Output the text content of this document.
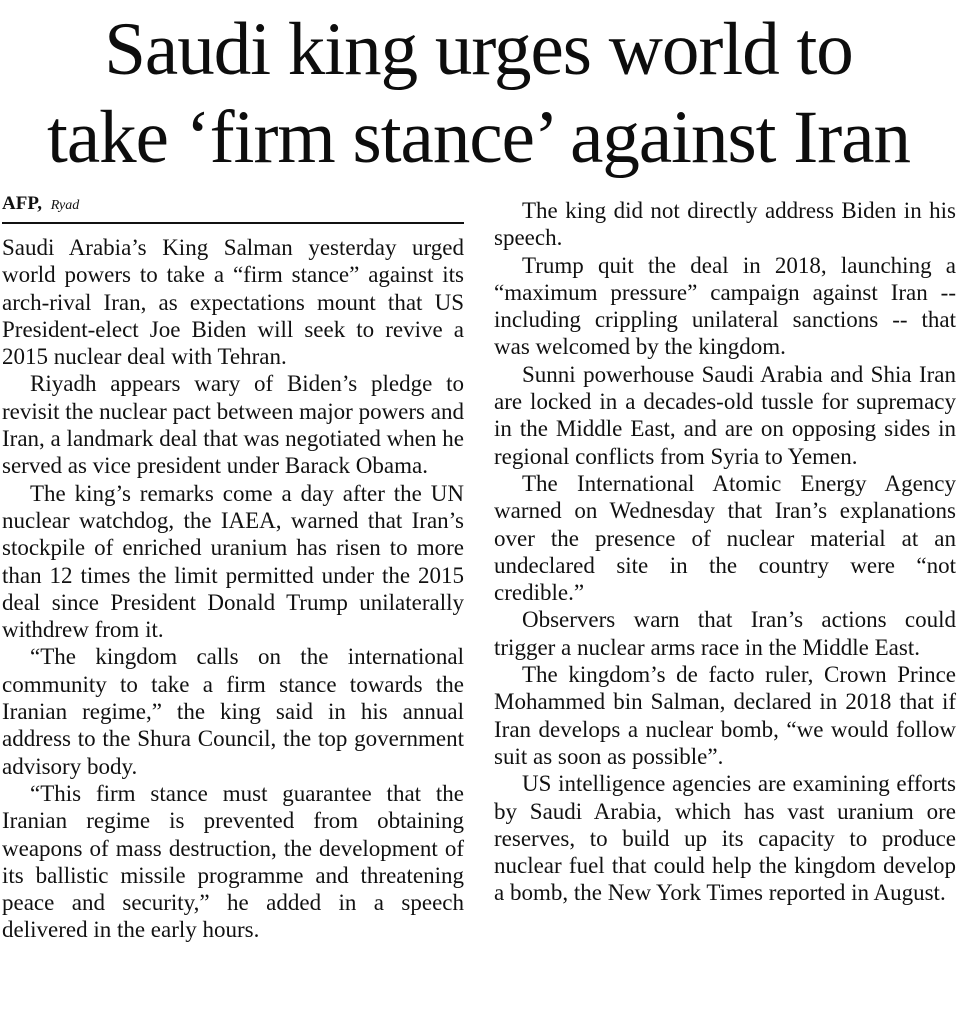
Saudi king urges world to
take ‘firm stance’ against Iran
AFP, Ryad

Saudi Arabia’s King Salman yesterday urged world powers to take a “firm stance” against its arch-rival Iran, as expectations mount that US President-elect Joe Biden will seek to revive a 2015 nuclear deal with Tehran.

Riyadh appears wary of Biden’s pledge to revisit the nuclear pact between major powers and Iran, a landmark deal that was negotiated when he served as vice president under Barack Obama.

The king’s remarks come a day after the UN nuclear watchdog, the IAEA, warned that Iran’s stockpile of enriched uranium has risen to more than 12 times the limit permitted under the 2015 deal since President Donald Trump unilaterally withdrew from it.

“The kingdom calls on the international community to take a firm stance towards the Iranian regime,” the king said in his annual address to the Shura Council, the top government advisory body.

“This firm stance must guarantee that the Iranian regime is prevented from obtaining weapons of mass destruction, the development of its ballistic missile programme and threatening peace and security,” he added in a speech delivered in the early hours.

The king did not directly address Biden in his speech.

Trump quit the deal in 2018, launching a “maximum pressure” campaign against Iran -- including crippling unilateral sanctions -- that was welcomed by the kingdom.

Sunni powerhouse Saudi Arabia and Shia Iran are locked in a decades-old tussle for supremacy in the Middle East, and are on opposing sides in regional conflicts from Syria to Yemen.

The International Atomic Energy Agency warned on Wednesday that Iran’s explanations over the presence of nuclear material at an undeclared site in the country were “not credible.”

Observers warn that Iran’s actions could trigger a nuclear arms race in the Middle East.

The kingdom’s de facto ruler, Crown Prince Mohammed bin Salman, declared in 2018 that if Iran develops a nuclear bomb, “we would follow suit as soon as possible”.

US intelligence agencies are examining efforts by Saudi Arabia, which has vast uranium ore reserves, to build up its capacity to produce nuclear fuel that could help the kingdom develop a bomb, the New York Times reported in August.
